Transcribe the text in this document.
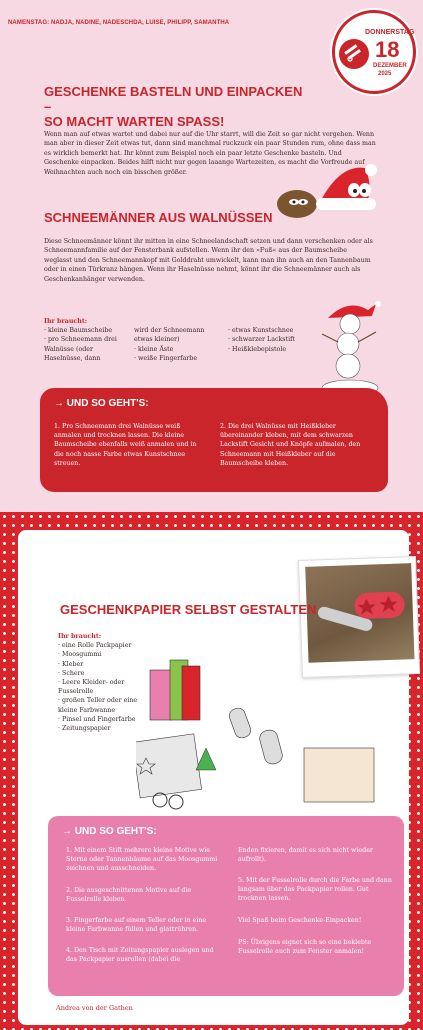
NAMENSTAG: NADJA, NADINE, NADESCHDA, LUISE, PHILIPP, SAMANTHA
DONNERSTAG
18
DEZEMBER
2025
GESCHENKE BASTELN UND EINPACKEN –
SO MACHT WARTEN SPASS!

Wenn man auf etwas wartet und dabei nur auf die Uhr starrt, will die Zeit so gar nicht vergehen. Wenn man aber in dieser Zeit etwas tut, dann sind manchmal ruckzuck ein paar Stunden rum, ohne dass man es wirklich bemerkt hat. Ihr könnt zum Beispiel noch ein paar letzte Geschenke basteln. Und Geschenke einpacken. Beides hilft nicht nur gegen laaange Wartezeiten, es macht die Vorfreude auf Weihnachten auch noch ein bisschen größer.

SCHNEEMÄNNER AUS WALNÜSSEN

Diese Schneemänner könnt ihr mitten in eine Schneelandschaft setzen und dann verschenken oder als Schneemannfamilie auf der Fensterbank aufstellen. Wenn ihr den »Fuß« aus der Baumscheibe weglasst und den Schneemannkopf mit Golddraht umwickelt, kann man ihn auch an den Tannenbaum oder in einen Türkranz hängen. Wenn ihr Haselnüsse nehmt, könnt ihr die Schneemänner auch als Geschenkanhänger verwenden.

Ihr braucht:
· kleine Baumscheibe
· pro Schneemann drei
Walnüsse (oder
Haselnüsse, dann
wird der Schneemann
etwas kleiner)
· kleine Äste
· weiße Fingerfarbe
· etwas Kunstschnee
· schwarzer Lackstift
· Heißklebepistole
→ UND SO GEHT'S:

1. Pro Schneemann drei Walnüsse weiß anmalen und trocknen lassen. Die kleine Baumscheibe ebenfalls weiß anmalen und in die noch nasse Farbe etwas Kunstschnee streuen.

2. Die drei Walnüsse mit Heißkleber übereinander kleben, mit dem schwarzen Lackstift Gesicht und Knöpfe aufmalen, den Schneemann mit Heißkleber auf die Baumscheibe kleben.

GESCHENKPAPIER SELBST GESTALTEN
Ihr braucht:
· eine Rolle Packpapier
· Moosgummi
· Kleber
· Schere
· Leere Kleider- oder
Fusselrolle
· großen Teller oder eine
kleine Farbwanne
· Pinsel und Fingerfarbe
· Zeitungspapier
→ UND SO GEHT'S:

1. Mit einem Stift mehrere kleine Motive wie Sterne oder Tannenbäume auf das Moosgummi zeichnen und ausschneiden.

2. Die ausgeschnittenen Motive auf die Fusselrolle kleben.

3. Fingerfarbe auf einem Teller oder in eine kleine Farbwanne füllen und glattrühren.

4. Den Tisch mit Zeitungspapier auslegen und das Packpapier ausrollen (dabei die

Enden fixieren, damit es sich nicht wieder aufrollt).

5. Mit der Fusselrolle durch die Farbe und dann langsam über das Packpapier rollen. Gut trocknen lassen.

Viel Spaß beim Geschenke-Einpacken!

PS: Übrigens eignet sich so eine beklebte Fusselrolle auch zum Fenster anmalen!

Andrea von der Gathen
